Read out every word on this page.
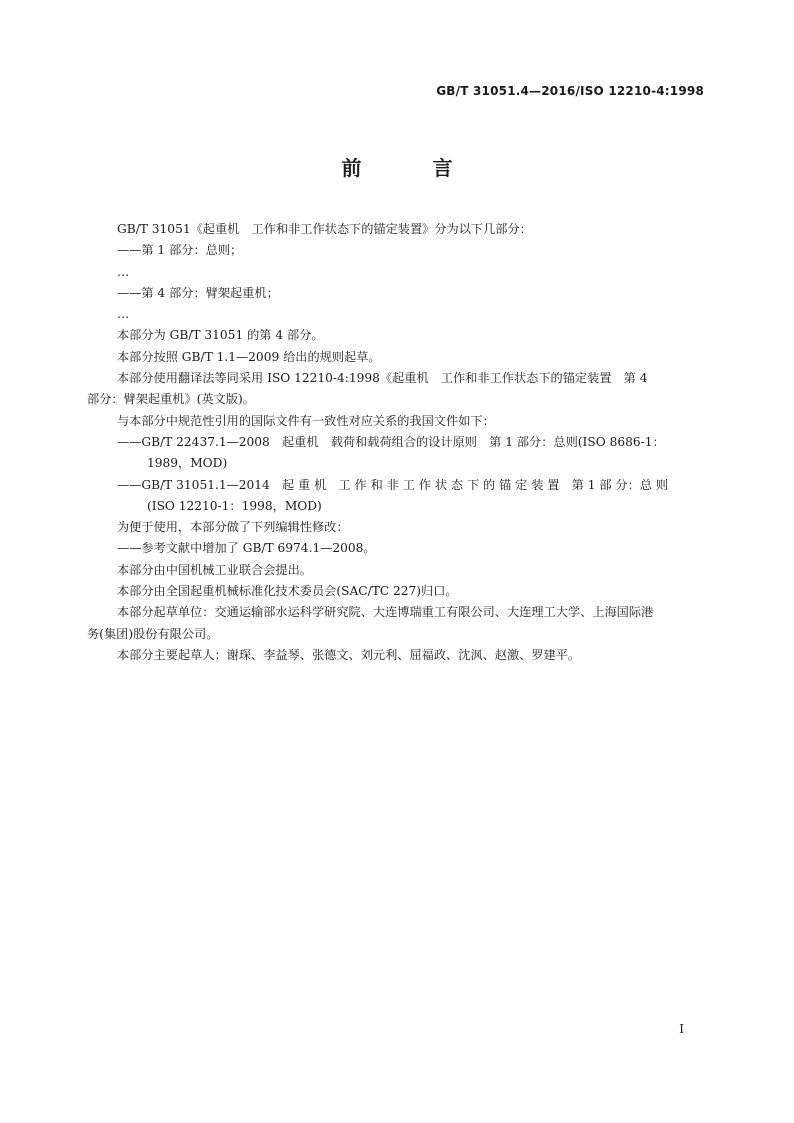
GB/T 31051.4—2016/ISO 12210-4:1998
前 言

GB/T 31051《起重机　工作和非工作状态下的锚定装置》分为以下几部分：

——第 1 部分：总则；

…

——第 4 部分：臂架起重机；

…

本部分为 GB/T 31051 的第 4 部分。

本部分按照 GB/T 1.1—2009 给出的规则起草。

本部分使用翻译法等同采用 ISO 12210-4:1998《起重机　工作和非工作状态下的锚定装置　第 4

部分：臂架起重机》(英文版)。

与本部分中规范性引用的国际文件有一致性对应关系的我国文件如下：

——GB/T 22437.1—2008　起重机　载荷和载荷组合的设计原则　第 1 部分：总则(ISO 8686-1：

1989，MOD)

——GB/T 31051.1—2014　起 重 机　工 作 和 非 工 作 状 态 下 的 锚 定 装 置　第 1 部 分：总 则

(ISO 12210-1：1998，MOD)

为便于使用，本部分做了下列编辑性修改：

——参考文献中增加了 GB/T 6974.1—2008。

本部分由中国机械工业联合会提出。

本部分由全国起重机械标准化技术委员会(SAC/TC 227)归口。

本部分起草单位：交通运输部水运科学研究院、大连博瑞重工有限公司、大连理工大学、上海国际港

务(集团)股份有限公司。

本部分主要起草人：谢琛、李益琴、张德文、刘元利、屈福政、沈沨、赵激、罗建平。

I
